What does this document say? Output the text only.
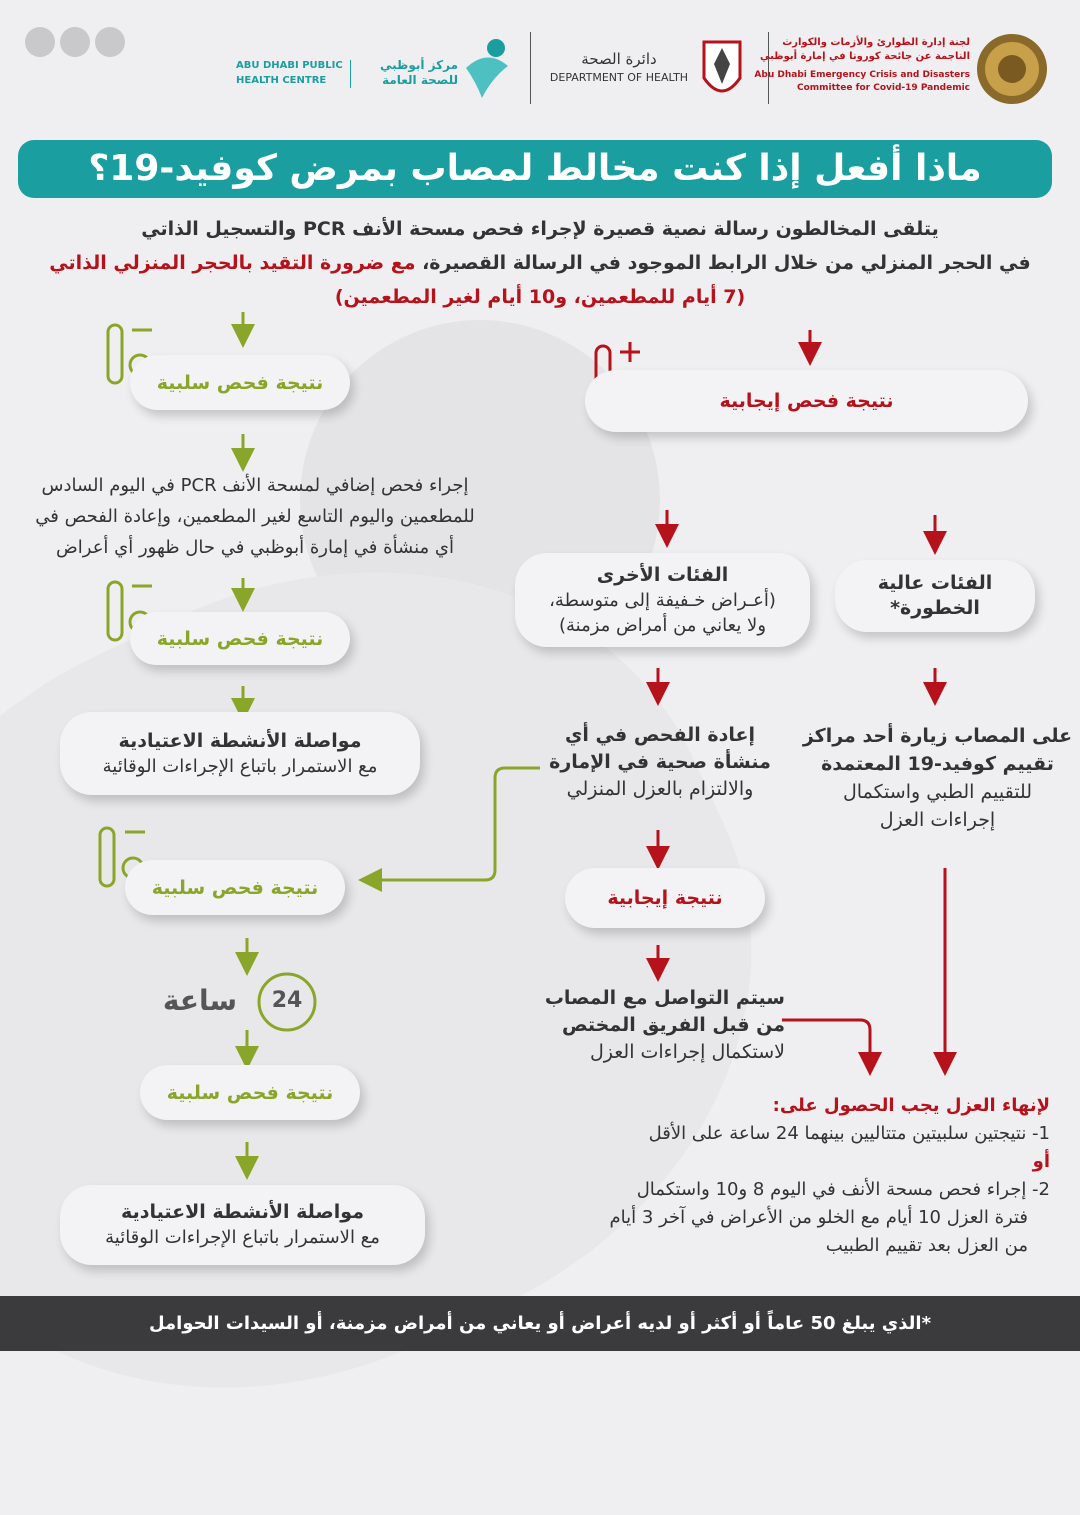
ABU DHABI PUBLIC HEALTH CENTRE
مركز أبوظبي للصحة العامة
دائرة الصحة
DEPARTMENT OF HEALTH
لجنة إدارة الطوارئ والأزمات والكوارث
الناجمة عن جائحة كورونا في إمارة أبوظبي
Abu Dhabi Emergency Crisis and Disasters
Committee for Covid-19 Pandemic
ماذا أفعل إذا كنت مخالط لمصاب بمرض كوفيد-19؟
يتلقى المخالطون رسالة نصية قصيرة لإجراء فحص مسحة الأنف PCR والتسجيل الذاتي
في الحجر المنزلي من خلال الرابط الموجود في الرسالة القصيرة، مع ضرورة التقيد بالحجر المنزلي الذاتي
(7 أيام للمطعمين، و10 أيام لغير المطعمين)
نتيجة فحص سلبية
إجراء فحص إضافي لمسحة الأنف PCR في اليوم السادس
للمطعمين واليوم التاسع لغير المطعمين، وإعادة الفحص في
أي منشأة في إمارة أبوظبي في حال ظهور أي أعراض
نتيجة فحص سلبية
مواصلة الأنشطة الاعتيادية
مع الاستمرار باتباع الإجراءات الوقائية
نتيجة فحص سلبية
24
ساعة
نتيجة فحص سلبية
مواصلة الأنشطة الاعتيادية
مع الاستمرار باتباع الإجراءات الوقائية
نتيجة فحص إيجابية
الفئات الأخرى
(أعـراض خـفيفة إلى متوسطة،
ولا يعاني من أمراض مزمنة)
الفئات عالية
الخطورة*
إعادة الفحص في أي
منشأة صحية في الإمارة
والالتزام بالعزل المنزلي
على المصاب زيارة أحد مراكز
تقييم كوفيد-19 المعتمدة
للتقييم الطبي واستكمال
إجراءات العزل
نتيجة إيجابية
سيتم التواصل مع المصاب
من قبل الفريق المختص
لاستكمال إجراءات العزل
لإنهاء العزل يجب الحصول على:
1- نتيجتين سلبيتين متتاليين بينهما 24 ساعة على الأقل
أو
2- إجراء فحص مسحة الأنف في اليوم 8 و10 واستكمال
فترة العزل 10 أيام مع الخلو من الأعراض في آخر 3 أيام
من العزل بعد تقييم الطبيب
*الذي يبلغ 50 عاماً أو أكثر أو لديه أعراض أو يعاني من أمراض مزمنة، أو السيدات الحوامل
